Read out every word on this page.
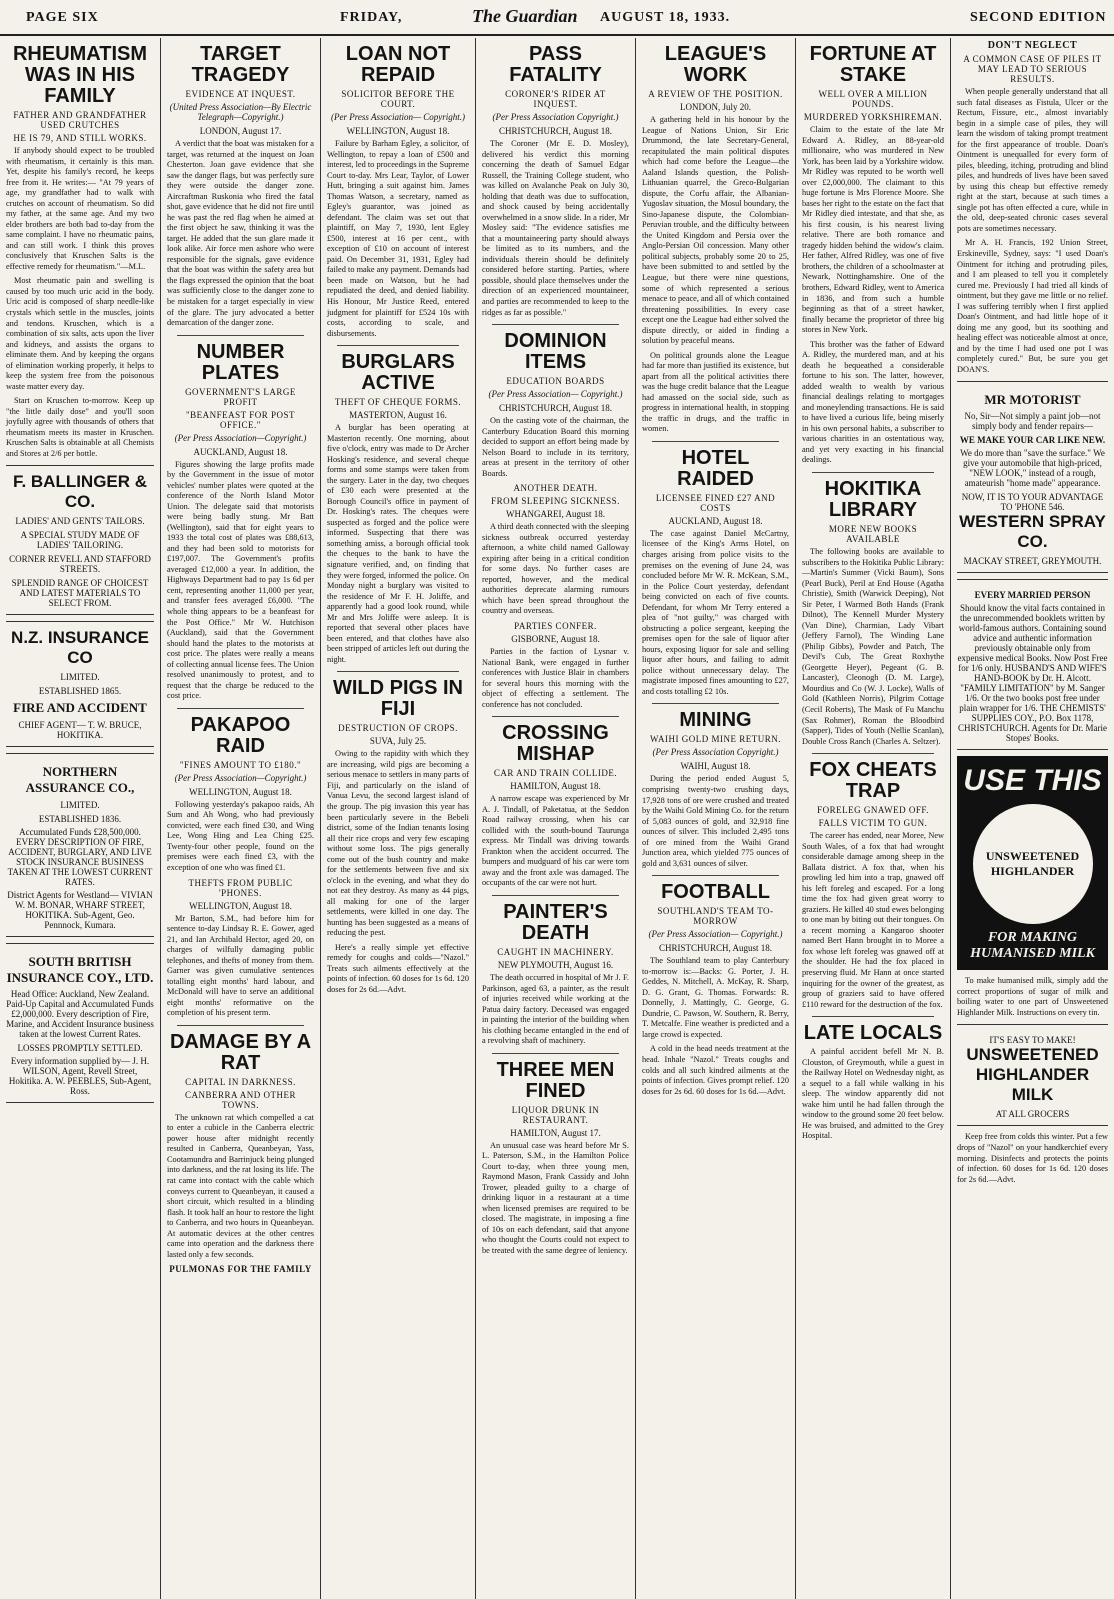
PAGE SIX	FRIDAY,	The Guardian AUGUST 18, 1933.	SECOND EDITION
RHEUMATISM WAS IN HIS FAMILY
FATHER AND GRANDFATHER USED CRUTCHES
HE IS 79, AND STILL WORKS.

If anybody should expect to be troubled with rheumatism, it certainly is this man. Yet, despite his family's record, he keeps free from it. He writes:— "At 79 years of age, my grandfather had to walk with crutches on account of rheumatism. So did my father, at the same age. And my two elder brothers are both bad to-day from the same complaint. I have no rheumatic pains, and can still work. I think this proves conclusively that Kruschen Salts is the effective remedy for rheumatism."—M.L.

Most rheumatic pain and swelling is caused by too much uric acid in the body. Uric acid is composed of sharp needle-like crystals which settle in the muscles, joints and tendons. Kruschen, which is a combination of six salts, acts upon the liver and kidneys, and assists the organs to eliminate them. And by keeping the organs of elimination working properly, it helps to keep the system free from the poisonous waste matter every day.

Start on Kruschen to-morrow. Keep up "the little daily dose" and you'll soon joyfully agree with thousands of others that rheumatism meets its master in Kruschen. Kruschen Salts is obtainable at all Chemists and Stores at 2/6 per bottle.

F. BALLINGER & CO.
LADIES' AND GENTS' TAILORS.
A SPECIAL STUDY MADE OF LADIES' TAILORING.
CORNER REVELL AND STAFFORD STREETS.
SPLENDID RANGE OF CHOICEST AND LATEST MATERIALS TO SELECT FROM.
N.Z. INSURANCE CO
LIMITED.
ESTABLISHED 1865.
FIRE AND ACCIDENT
CHIEF AGENT— T. W. BRUCE, HOKITIKA.
NORTHERN ASSURANCE CO.,
LIMITED.
ESTABLISHED 1836.
Accumulated Funds £28,500,000. EVERY DESCRIPTION OF FIRE, ACCIDENT, BURGLARY, AND LIVE STOCK INSURANCE BUSINESS TAKEN AT THE LOWEST CURRENT RATES.
District Agents for Westland— VIVIAN W. M. BONAR, WHARF STREET, HOKITIKA. Sub-Agent, Geo. Pennnock, Kumara.
SOUTH BRITISH INSURANCE COY., LTD.
Head Office: Auckland, New Zealand. Paid-Up Capital and Accumulated Funds £2,000,000. Every description of Fire, Marine, and Accident Insurance business taken at the lowest Current Rates.
LOSSES PROMPTLY SETTLED.
Every information supplied by— J. H. WILSON, Agent, Revell Street, Hokitika. A. W. PEEBLES, Sub-Agent, Ross.
TARGET TRAGEDY
EVIDENCE AT INQUEST.
(United Press Association—By Electric Telegraph—Copyright.)
LONDON, August 17.

A verdict that the boat was mistaken for a target, was returned at the inquest on Joan Chesterton. Joan gave evidence that she saw the danger flags, but was perfectly sure they were outside the danger zone. Aircraftman Ruskonia who fired the fatal shot, gave evidence that he did not fire until he was past the red flag when he aimed at the first object he saw, thinking it was the target. He added that the sun glare made it look alike. Air force men ashore who were responsible for the signals, gave evidence that the boat was within the safety area but the flags expressed the opinion that the boat was sufficiently close to the danger zone to be mistaken for a target especially in view of the glare. The jury advocated a better demarcation of the danger zone.

NUMBER PLATES
GOVERNMENT'S LARGE PROFIT
"BEANFEAST FOR POST OFFICE."
(Per Press Association—Copyright.)
AUCKLAND, August 18.

Figures showing the large profits made by the Government in the issue of motor vehicles' number plates were quoted at the conference of the North Island Motor Union. The delegate said that motorists were being badly stung. Mr Batt (Wellington), said that for eight years to 1933 the total cost of plates was £88,613, and they had been sold to motorists for £197,007. The Government's profits averaged £12,000 a year. In addition, the Highways Department had to pay 1s 6d per cent, representing another 11,000 per year, and transfer fees averaged £6,000. "The whole thing appears to be a beanfeast for the Post Office." Mr W. Hutchison (Auckland), said that the Government should hand the plates to the motorists at cost price. The plates were really a means of collecting annual license fees. The Union resolved unanimously to protest, and to request that the charge be reduced to the cost price.

PAKAPOO RAID
"FINES AMOUNT TO £180."
(Per Press Association—Copyright.)
WELLINGTON, August 18.

Following yesterday's pakapoo raids, Ah Sum and Ah Wong, who had previously convicted, were each fined £30, and Wing Lee, Wong Hing and Lea Ching £25. Twenty-four other people, found on the premises were each fined £3, with the exception of one who was fined £1.

THEFTS FROM PUBLIC 'PHONES.
WELLINGTON, August 18.

Mr Barton, S.M., had before him for sentence to-day Lindsay R. E. Gower, aged 21, and Ian Archibald Hector, aged 20, on charges of wilfully damaging public telephones, and thefts of money from them. Garner was given cumulative sentences totalling eight months' hard labour, and McDonald will have to serve an additional eight months' reformative on the completion of his present term.

DAMAGE BY A RAT
CAPITAL IN DARKNESS.
CANBERRA AND OTHER TOWNS.

The unknown rat which compelled a cat to enter a cubicle in the Canberra electric power house after midnight recently resulted in Canberra, Queanbeyan, Yass, Cootamundra and Barrinjuck being plunged into darkness, and the rat losing its life. The rat came into contact with the cable which conveys current to Queanbeyan, it caused a short circuit, which resulted in a blinding flash. It took half an hour to restore the light to Canberra, and two hours in Queanbeyan. At automatic devices at the other centres came into operation and the darkness there lasted only a few seconds.

PULMONAS FOR THE FAMILY
LOAN NOT REPAID
SOLICITOR BEFORE THE COURT.
(Per Press Association— Copyright.)
WELLINGTON, August 18.

Failure by Barham Egley, a solicitor, of Wellington, to repay a loan of £500 and interest, led to proceedings in the Supreme Court to-day. Mrs Lear, Taylor, of Lower Hutt, bringing a suit against him. James Thomas Watson, a secretary, named as Egley's guarantor, was joined as defendant. The claim was set out that plaintiff, on May 7, 1930, lent Egley £500, interest at 16 per cent., with exception of £10 on account of interest paid. On December 31, 1931, Egley had failed to make any payment. Demands had been made on Watson, but he had repudiated the deed, and denied liability. His Honour, Mr Justice Reed, entered judgment for plaintiff for £524 10s with costs, according to scale, and disbursements.

BURGLARS ACTIVE
THEFT OF CHEQUE FORMS.
MASTERTON, August 16.

A burglar has been operating at Masterton recently. One morning, about five o'clock, entry was made to Dr Archer Hosking's residence, and several cheque forms and some stamps were taken from the surgery. Later in the day, two cheques of £30 each were presented at the Borough Council's office in payment of Dr. Hosking's rates. The cheques were suspected as forged and the police were informed. Suspecting that there was something amiss, a borough official took the cheques to the bank to have the signature verified, and, on finding that they were forged, informed the police. On Monday night a burglary was visited to the residence of Mr F. H. Joliffe, and apparently had a good look round, while Mr and Mrs Joliffe were asleep. It is reported that several other places have been entered, and that clothes have also been stripped of articles left out during the night.

WILD PIGS IN FIJI
DESTRUCTION OF CROPS.
SUVA, July 25.

Owing to the rapidity with which they are increasing, wild pigs are becoming a serious menace to settlers in many parts of Fiji, and particularly on the island of Vanua Levu, the second largest island of the group. The pig invasion this year has been particularly severe in the Bebeli district, some of the Indian tenants losing all their rice crops and very few escaping without some loss. The pigs generally come out of the bush country and make for the settlements between five and six o'clock in the evening, and what they do not eat they destroy. As many as 44 pigs, all making for one of the larger settlements, were killed in one day. The hunting has been suggested as a means of reducing the pest.

Here's a really simple yet effective remedy for coughs and colds—"Nazol." Treats such ailments effectively at the points of infection. 60 doses for 1s 6d. 120 doses for 2s 6d.—Advt.

PASS FATALITY
CORONER'S RIDER AT INQUEST.
(Per Press Association Copyright.)
CHRISTCHURCH, August 18.

The Coroner (Mr E. D. Mosley), delivered his verdict this morning concerning the death of Samuel Edgar Russell, the Training College student, who was killed on Avalanche Peak on July 30, holding that death was due to suffocation, and shock caused by being accidentally overwhelmed in a snow slide. In a rider, Mr Mosley said: "The evidence satisfies me that a mountaineering party should always be limited as to its numbers, and the individuals therein should be definitely considered before starting. Parties, where possible, should place themselves under the direction of an experienced mountaineer, and parties are recommended to keep to the ridges as far as possible."

DOMINION ITEMS
EDUCATION BOARDS
(Per Press Association— Copyright.)
CHRISTCHURCH, August 18.

On the casting vote of the chairman, the Canterbury Education Board this morning decided to support an effort being made by Nelson Board to include in its territory, areas at present in the territory of other Boards.

ANOTHER DEATH.
FROM SLEEPING SICKNESS.
WHANGAREI, August 18.

A third death connected with the sleeping sickness outbreak occurred yesterday afternoon, a white child named Galloway expiring after being in a critical condition for some days. No further cases are reported, however, and the medical authorities deprecate alarming rumours which have been spread throughout the country and overseas.

PARTIES CONFER.
GISBORNE, August 18.

Parties in the faction of Lysnar v. National Bank, were engaged in further conferences with Justice Blair in chambers for several hours this morning with the object of effecting a settlement. The conference has not concluded.

CROSSING MISHAP
CAR AND TRAIN COLLIDE.
HAMILTON, August 18.

A narrow escape was experienced by Mr A. J. Tindall, of Paketatua, at the Seddon Road railway crossing, when his car collided with the south-bound Taurunga express. Mr Tindall was driving towards Frankton when the accident occurred. The bumpers and mudguard of his car were torn away and the front axle was damaged. The occupants of the car were not hurt.

PAINTER'S DEATH
CAUGHT IN MACHINERY.
NEW PLYMOUTH, August 16.

The death occurred in hospital of Mr J. F. Parkinson, aged 63, a painter, as the result of injuries received while working at the Patua dairy factory. Deceased was engaged in painting the interior of the building when his clothing became entangled in the end of a revolving shaft of machinery.

THREE MEN FINED
LIQUOR DRUNK IN RESTAURANT.
HAMILTON, August 17.

An unusual case was heard before Mr S. L. Paterson, S.M., in the Hamilton Police Court to-day, when three young men, Raymond Mason, Frank Cassidy and John Trower, pleaded guilty to a charge of drinking liquor in a restaurant at a time when licensed premises are required to be closed. The magistrate, in imposing a fine of 10s on each defendant, said that anyone who thought the Courts could not expect to be treated with the same degree of leniency.

LEAGUE'S WORK
A REVIEW OF THE POSITION.
LONDON, July 20.

A gathering held in his honour by the League of Nations Union, Sir Eric Drummond, the late Secretary-General, recapitulated the main political disputes which had come before the League—the Aaland Islands question, the Polish-Lithuanian quarrel, the Greco-Bulgarian dispute, the Corfu affair, the Albanian-Yugoslav situation, the Mosul boundary, the Sino-Japanese dispute, the Colombian-Peruvian trouble, and the difficulty between the United Kingdom and Persia over the Anglo-Persian Oil concession. Many other political subjects, probably some 20 to 25, have been submitted to and settled by the League, but there were nine questions, some of which represented a serious menace to peace, and all of which contained threatening possibilities. In every case except one the League had either solved the dispute directly, or aided in finding a solution by peaceful means.

On political grounds alone the League had far more than justified its existence, but apart from all the political activities there was the huge credit balance that the League had amassed on the social side, such as progress in international health, in stopping the traffic in drugs, and the traffic in women.

HOTEL RAIDED
LICENSEE FINED £27 AND COSTS
AUCKLAND, August 18.

The case against Daniel McCartny, licensee of the King's Arms Hotel, on charges arising from police visits to the premises on the evening of June 24, was concluded before Mr W. R. McKean, S.M., in the Police Court yesterday, defendant being convicted on each of five counts. Defendant, for whom Mr Terry entered a plea of "not guilty," was charged with obstructing a police sergeant, keeping the premises open for the sale of liquor after hours, exposing liquor for sale and selling liquor after hours, and failing to admit police without unnecessary delay. The magistrate imposed fines amounting to £27, and costs totalling £2 10s.

MINING
WAIHI GOLD MINE RETURN.
(Per Press Association Copyright.)
WAIHI, August 18.

During the period ended August 5, comprising twenty-two crushing days, 17,928 tons of ore were crushed and treated by the Waihi Gold Mining Co. for the return of 5,083 ounces of gold, and 32,918 fine ounces of silver. This included 2,495 tons of ore mined from the Waihi Grand Junction area, which yielded 775 ounces of gold and 3,631 ounces of silver.

FOOTBALL
SOUTHLAND'S TEAM TO-MORROW
(Per Press Association— Copyright.)
CHRISTCHURCH, August 18.

The Southland team to play Canterbury to-morrow is:—Backs: G. Porter, J. H. Geddes, N. Mitchell, A. McKay, R. Sharp, D. G. Grant, G. Thomas. Forwards: R. Donnelly, J. Mattingly, C. George, G. Dundrie, C. Pawson, W. Southern, R. Berry, T. Metcalfe. Fine weather is predicted and a large crowd is expected.

A cold in the head needs treatment at the head. Inhale "Nazol." Treats coughs and colds and all such kindred ailments at the points of infection. Gives prompt relief. 120 doses for 2s 6d. 60 doses for 1s 6d.—Advt.

FORTUNE AT STAKE
WELL OVER A MILLION POUNDS.
MURDERED YORKSHIREMAN.

Claim to the estate of the late Mr Edward A. Ridley, an 88-year-old millionaire, who was murdered in New York, has been laid by a Yorkshire widow. Mr Ridley was reputed to be worth well over £2,000,000. The claimant to this huge fortune is Mrs Florence Moore. She bases her right to the estate on the fact that Mr Ridley died intestate, and that she, as his first cousin, is his nearest living relative. There are both romance and tragedy hidden behind the widow's claim. Her father, Alfred Ridley, was one of five brothers, the children of a schoolmaster at Newark, Nottinghamshire. One of the brothers, Edward Ridley, went to America in 1836, and from such a humble beginning as that of a street hawker, finally became the proprietor of three big stores in New York.

This brother was the father of Edward A. Ridley, the murdered man, and at his death he bequeathed a considerable fortune to his son. The latter, however, added wealth to wealth by various financial dealings relating to mortgages and moneylending transactions. He is said to have lived a curious life, being miserly in his own personal habits, a subscriber to various charities in an ostentatious way, and yet very exacting in his financial dealings.

HOKITIKA LIBRARY
MORE NEW BOOKS AVAILABLE

The following books are available to subscribers to the Hokitika Public Library:—Martin's Summer (Vicki Baum), Sons (Pearl Buck), Peril at End House (Agatha Christie), Smith (Warwick Deeping), Not Sir Peter, I Warmed Both Hands (Frank Dilnot), The Kennell Murder Mystery (Van Dine), Charmian, Lady Vibart (Jeffery Farnol), The Winding Lane (Philip Gibbs), Powder and Patch, The Devil's Cub, The Great Roxhythe (Georgette Heyer), Pegeant (G. B. Lancaster), Cleonogh (D. M. Large), Mourdius and Co (W. J. Locke), Walls of Gold (Kathleen Norris), Pilgrim Cottage (Cecil Roberts), The Mask of Fu Manchu (Sax Rohmer), Roman the Bloodbird (Sapper), Tides of Youth (Nellie Scanlan), Double Cross Ranch (Charles A. Seltzer).

FOX CHEATS TRAP
FORELEG GNAWED OFF.
FALLS VICTIM TO GUN.

The career has ended, near Moree, New South Wales, of a fox that had wrought considerable damage among sheep in the Ballata district. A fox that, when his prowling led him into a trap, gnawed off his left foreleg and escaped. For a long time the fox had given great worry to graziers. He killed 40 stud ewes belonging to one man by biting out their tongues. On a recent morning a Kangaroo shooter named Bert Hann brought in to Moree a fox whose left foreleg was gnawed off at the shoulder. He had the fox placed in preserving fluid. Mr Hann at once started inquiring for the owner of the greatest, as group of graziers said to have offered £110 reward for the destruction of the fox.

LATE LOCALS

A painful accident befell Mr N. B. Clouston, of Greymouth, while a guest in the Railway Hotel on Wednesday night, as a sequel to a fall while walking in his sleep. The window apparently did not wake him until he had fallen through the window to the ground some 20 feet below. He was bruised, and admitted to the Grey Hospital.

DON'T NEGLECT
A COMMON CASE OF PILES IT MAY LEAD TO SERIOUS RESULTS.

When people generally understand that all such fatal diseases as Fistula, Ulcer or the Rectum, Fissure, etc., almost invariably begin in a simple case of piles, they will learn the wisdom of taking prompt treatment for the first appearance of trouble. Doan's Ointment is unequalled for every form of piles, bleeding, itching, protruding and blind piles, and hundreds of lives have been saved by using this cheap but effective remedy right at the start, because at such times a single pot has often effected a cure, while in the old, deep-seated chronic cases several pots are sometimes necessary.

Mr A. H. Francis, 192 Union Street, Erskineville, Sydney, says: "I used Doan's Ointment for itching and protruding piles, and I am pleased to tell you it completely cured me. Previously I had tried all kinds of ointment, but they gave me little or no relief. I was suffering terribly when I first applied Doan's Ointment, and had little hope of it doing me any good, but its soothing and healing effect was noticeable almost at once, and by the time I had used one pot I was completely cured." But, be sure you get DOAN'S.

MR MOTORIST
No, Sir—Not simply a paint job—not simply body and fender repairs—
WE MAKE YOUR CAR LIKE NEW.
We do more than "save the surface." We give your automobile that high-priced, "NEW LOOK," instead of a rough, amateurish "home made" appearance.
NOW, IT IS TO YOUR ADVANTAGE TO 'PHONE 546.
WESTERN SPRAY CO.
MACKAY STREET, GREYMOUTH.
EVERY MARRIED PERSON
Should know the vital facts contained in the unrecommended booklets written by world-famous authors. Containing sound advice and authentic information previously obtainable only from expensive medical Books. Now Post Free for 1/6 only. HUSBAND'S AND WIFE'S HAND-BOOK by Dr. H. Alcott. "FAMILY LIMITATION" by M. Sanger 1/6. Or the two books post free under plain wrapper for 1/6. THE CHEMISTS' SUPPLIES COY., P.O. Box 1178, CHRISTCHURCH. Agents for Dr. Marie Stopes' Books.
USE THIS
UNSWEETENED
HIGHLANDER
FOR MAKING HUMANISED MILK

To make humanised milk, simply add the correct proportions of sugar of milk and boiling water to one part of Unsweetened Highlander Milk. Instructions on every tin.

IT'S EASY TO MAKE!
UNSWEETENED
HIGHLANDER
MILK
AT ALL GROCERS

Keep free from colds this winter. Put a few drops of "Nazol" on your handkerchief every morning. Disinfects and protects the points of infection. 60 doses for 1s 6d. 120 doses for 2s 6d.—Advt.
